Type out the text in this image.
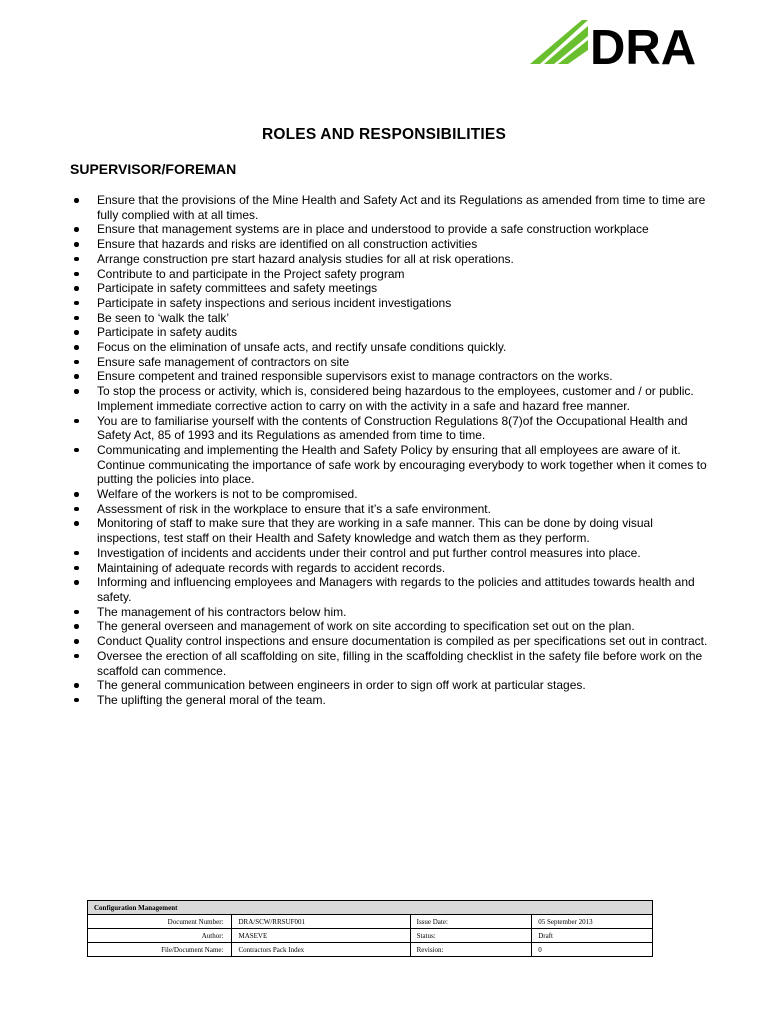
DRA
ROLES AND RESPONSIBILITIES
SUPERVISOR/FOREMAN
Ensure that the provisions of the Mine Health and Safety Act and its Regulations as amended from time to time are fully complied with at all times.
Ensure that management systems are in place and understood to provide a safe construction workplace
Ensure that hazards and risks are identified on all construction activities
Arrange construction pre start hazard analysis studies for all at risk operations.
Contribute to and participate in the Project safety program
Participate in safety committees and safety meetings
Participate in safety inspections and serious incident investigations
Be seen to ‘walk the talk’
Participate in safety audits
Focus on the elimination of unsafe acts, and rectify unsafe conditions quickly.
Ensure safe management of contractors on site
Ensure competent and trained responsible supervisors exist to manage contractors on the works.
To stop the process or activity, which is, considered being hazardous to the employees, customer and / or public. Implement immediate corrective action to carry on with the activity in a safe and hazard free manner.
You are to familiarise yourself with the contents of Construction Regulations 8(7)of the Occupational Health and Safety Act, 85 of 1993 and its Regulations as amended from time to time.
Communicating and implementing the Health and Safety Policy by ensuring that all employees are aware of it. Continue communicating the importance of safe work by encouraging everybody to work together when it comes to putting the policies into place.
Welfare of the workers is not to be compromised.
Assessment of risk in the workplace to ensure that it’s a safe environment.
Monitoring of staff to make sure that they are working in a safe manner. This can be done by doing visual inspections, test staff on their Health and Safety knowledge and watch them as they perform.
Investigation of incidents and accidents under their control and put further control measures into place.
Maintaining of adequate records with regards to accident records.
Informing and influencing employees and Managers with regards to the policies and attitudes towards health and safety.
The management of his contractors below him.
The general overseen and management of work on site according to specification set out on the plan.
Conduct Quality control inspections and ensure documentation is compiled as per specifications set out in contract.
Oversee the erection of all scaffolding on site, filling in the scaffolding checklist in the safety file before work on the scaffold can commence.
The general communication between engineers in order to sign off work at particular stages.
The uplifting the general moral of the team.
Configuration Management			
Document Number:	DRA/SCW/RRSUF001	Issue Date:	05 September 2013
Author:	MASEVE	Status:	Draft
File/Document Name:	Contractors Pack Index	Revision:	0
